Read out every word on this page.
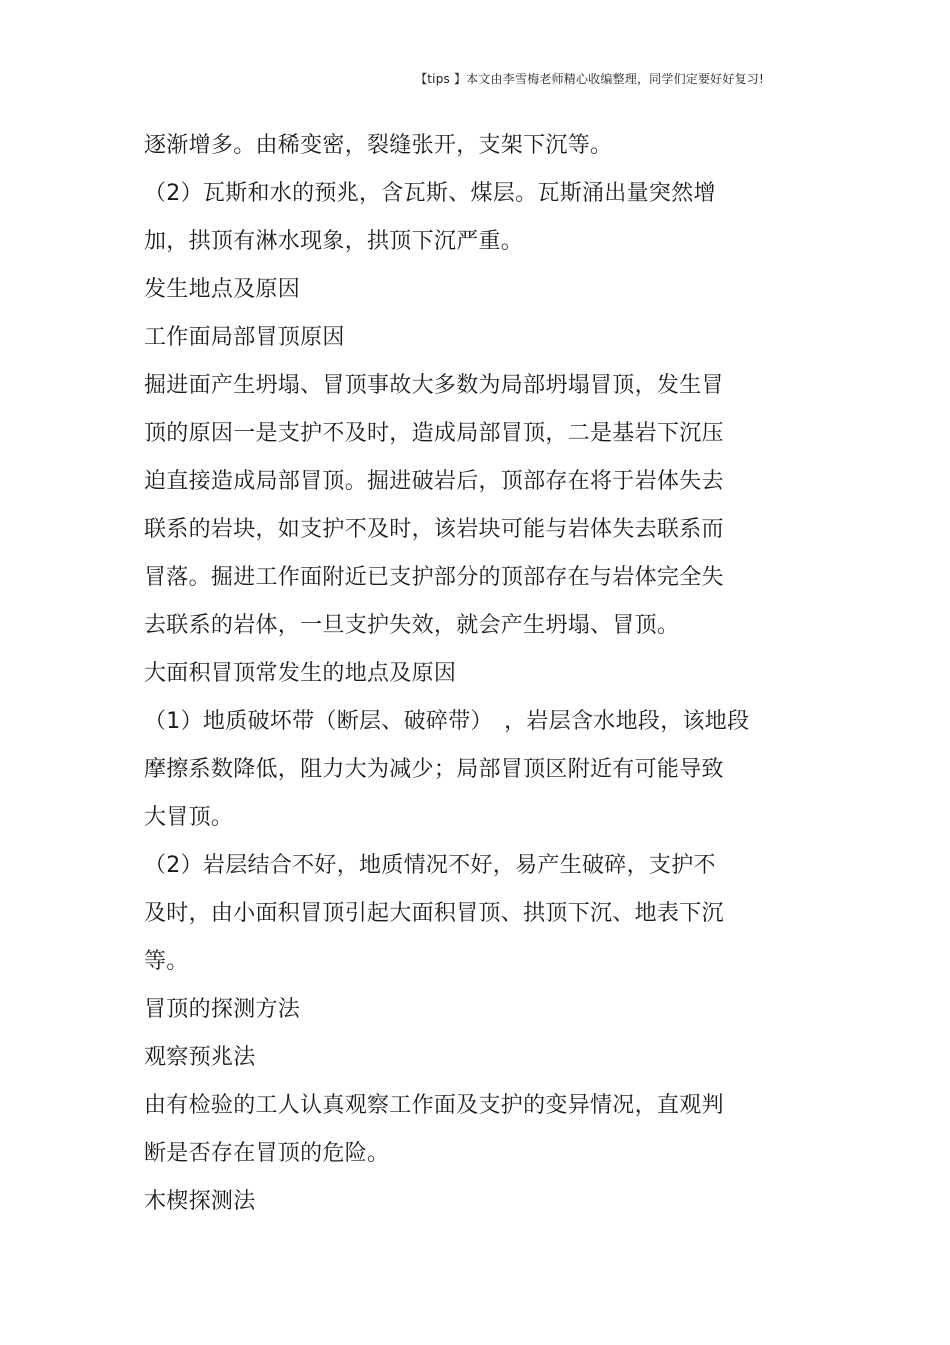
【tips 】本文由李雪梅老师精心收编整理，同学们定要好好复习!
逐渐增多。由稀变密，裂缝张开，支架下沉等。
（2）瓦斯和水的预兆，含瓦斯、煤层。瓦斯涌出量突然增
加，拱顶有淋水现象，拱顶下沉严重。
发生地点及原因
工作面局部冒顶原因
掘进面产生坍塌、冒顶事故大多数为局部坍塌冒顶，发生冒
顶的原因一是支护不及时，造成局部冒顶，二是基岩下沉压
迫直接造成局部冒顶。掘进破岩后，顶部存在将于岩体失去
联系的岩块，如支护不及时，该岩块可能与岩体失去联系而
冒落。掘进工作面附近已支护部分的顶部存在与岩体完全失
去联系的岩体，一旦支护失效，就会产生坍塌、冒顶。
大面积冒顶常发生的地点及原因
（1）地质破坏带（断层、破碎带）　，岩层含水地段，该地段
摩擦系数降低，阻力大为减少；局部冒顶区附近有可能导致
大冒顶。
（2）岩层结合不好，地质情况不好，易产生破碎，支护不
及时，由小面积冒顶引起大面积冒顶、拱顶下沉、地表下沉
等。
冒顶的探测方法
观察预兆法
由有检验的工人认真观察工作面及支护的变异情况，直观判
断是否存在冒顶的危险。
木楔探测法
